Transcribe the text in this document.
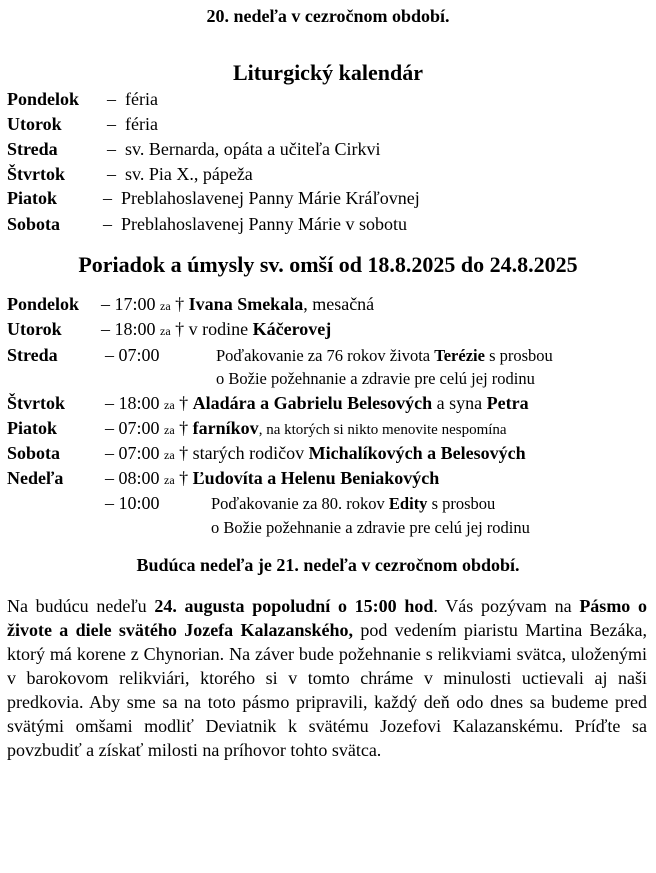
20. nedeľa v cezročnom období.
Liturgický kalendár
Pondelok – féria
Utorok	– féria
Streda	– sv. Bernarda, opáta a učiteľa Cirkvi
Štvrtok – sv. Pia X., pápeža
Piatok	– Preblahoslavenej Panny Márie Kráľovnej
Sobota – Preblahoslavenej Panny Márie v sobotu
Poriadok a úmysly sv. omší od 18.8.2025 do 24.8.2025
Pondelok – 17:00 za † Ivana Smekala, mesačná
Utorok – 18:00 za † v rodine Káčerovej
Streda	– 07:00	Poďakovanie za 76 rokov života Terézie s prosbou
o Božie požehnanie a zdravie pre celú jej rodinu
Štvrtok – 18:00 za † Aladára a Gabrielu Belesových a syna Petra
Piatok	– 07:00 za † farníkov, na ktorých si nikto menovite nespomína
Sobota – 07:00 za † starých rodičov Michalíkových a Belesových
Nedeľa – 08:00 za † Ľudovíta a Helenu Beniakových
– 10:00	Poďakovanie za 80. rokov Edity s prosbou
o Božie požehnanie a zdravie pre celú jej rodinu
Budúca nedeľa je 21. nedeľa v cezročnom období.

Na budúcu nedeľu 24. augusta popoludní o 15:00 hod. Vás pozývam na Pásmo o živote a diele svätého Jozefa Kalazanského, pod vedením piaristu Martina Bezáka, ktorý má korene z Chynorian. Na záver bude požehnanie s relikviami svätca, uloženými v barokovom relikviári, ktorého si v tomto chráme v minulosti uctievali aj naši predkovia. Aby sme sa na toto pásmo pripravili, každý deň odo dnes sa budeme pred svätými omšami modliť Deviatnik k svätému Jozefovi Kalazanskému. Príďte sa povzbudiť a získať milosti na príhovor tohto svätca.
